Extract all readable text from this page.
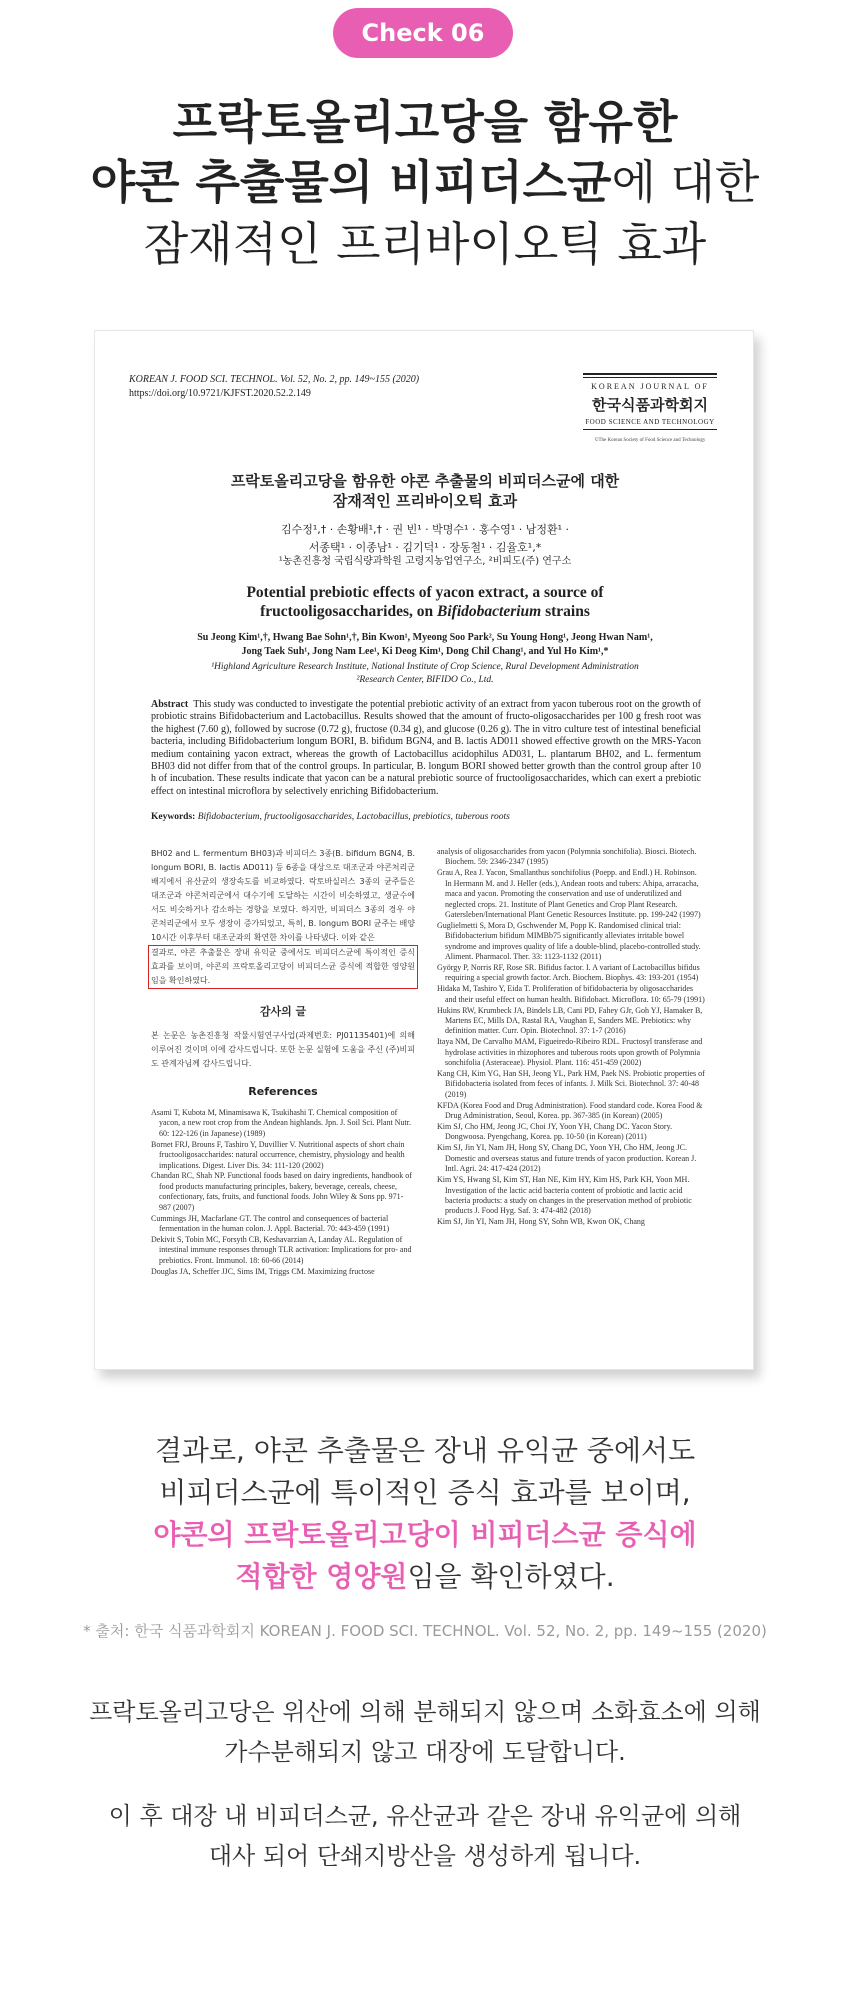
Check 06
프락토올리고당을 함유한
야콘 추출물의 비피더스균에 대한
잠재적인 프리바이오틱 효과
KOREAN J. FOOD SCI. TECHNOL. Vol. 52, No. 2, pp. 149~155 (2020)
https://doi.org/10.9721/KJFST.2020.52.2.149
KOREAN JOURNAL OF
한국식품과학회지
FOOD SCIENCE AND TECHNOLOGY
©The Korean Society of Food Science and Technology
프락토올리고당을 함유한 야콘 추출물의 비피더스균에 대한
잠재적인 프리바이오틱 효과
김수정¹,† · 손황배¹,† · 권 빈¹ · 박명수¹ · 홍수영¹ · 남정환¹ ·
서종택¹ · 이종남¹ · 김기덕¹ · 장동철¹ · 김율호¹,*
¹농촌진흥청 국립식량과학원 고령지농업연구소, ²비피도(주) 연구소
Potential prebiotic effects of yacon extract, a source of
fructooligosaccharides, on Bifidobacterium strains
Su Jeong Kim¹,†, Hwang Bae Sohn¹,†, Bin Kwon¹, Myeong Soo Park², Su Young Hong¹, Jeong Hwan Nam¹,
Jong Taek Suh¹, Jong Nam Lee¹, Ki Deog Kim¹, Dong Chil Chang¹, and Yul Ho Kim¹,*
¹Highland Agriculture Research Institute, National Institute of Crop Science, Rural Development Administration
²Research Center, BIFIDO Co., Ltd.
Abstract This study was conducted to investigate the potential prebiotic activity of an extract from yacon tuberous root on the growth of probiotic strains Bifidobacterium and Lactobacillus. Results showed that the amount of fructo-oligosaccharides per 100 g fresh root was the highest (7.60 g), followed by sucrose (0.72 g), fructose (0.34 g), and glucose (0.26 g). The in vitro culture test of intestinal beneficial bacteria, including Bifidobacterium longum BORI, B. bifidum BGN4, and B. lactis AD011 showed effective growth on the MRS-Yacon medium containing yacon extract, whereas the growth of Lactobacillus acidophilus AD031, L. plantarum BH02, and L. fermentum BH03 did not differ from that of the control groups. In particular, B. longum BORI showed better growth than the control group after 10 h of incubation. These results indicate that yacon can be a natural prebiotic source of fructooligosaccharides, which can exert a prebiotic effect on intestinal microflora by selectively enriching Bifidobacterium.
Keywords: Bifidobacterium, fructooligosaccharides, Lactobacillus, prebiotics, tuberous roots
BH02 and L. fermentum BH03)과 비피더스 3종(B. bifidum BGN4, B. longum BORI, B. lactis AD011) 등 6종을 대상으로 대조군과 야콘처리군 배지에서 유산균의 생장속도를 비교하였다. 락토바실러스 3종의 균주들은 대조군과 야콘처리군에서 대수기에 도달하는 시간이 비슷하였고, 생균수에서도 비슷하거나 감소하는 경향을 보였다. 하지만, 비피더스 3종의 경우 야콘처리군에서 모두 생장이 증가되었고, 특히, B. longum BORI 균주는 배양 10시간 이후부터 대조군과의 확연한 차이를 나타냈다. 이와 같은
결과로, 야콘 추출물은 장내 유익균 중에서도 비피더스균에 특이적인 증식 효과를 보이며, 야콘의 프락토올리고당이 비피더스균 증식에 적합한 영양원임을 확인하였다.
감사의 글
본 논문은 농촌진흥청 작물시험연구사업(과제번호: PJ01135401)에 의해 이루어진 것이며 이에 감사드립니다. 또한 논문 실험에 도움을 주신 (주)비피도 관계자님께 감사드립니다.
References
Asami T, Kubota M, Minamisawa K, Tsukihashi T. Chemical composition of yacon, a new root crop from the Andean highlands. Jpn. J. Soil Sci. Plant Nutr. 60: 122-126 (in Japanese) (1989)
Bornet FRJ, Brouns F, Tashiro Y, Duvillier V. Nutritional aspects of short chain fructooligosaccharides: natural occurrence, chemistry, physiology and health implications. Digest. Liver Dis. 34: 111-120 (2002)
Chandan RC, Shah NP. Functional foods based on dairy ingredients, handbook of food products manufacturing principles, bakery, beverage, cereals, cheese, confectionary, fats, fruits, and functional foods. John Wiley & Sons pp. 971-987 (2007)
Cummings JH, Macfarlane GT. The control and consequences of bacterial fermentation in the human colon. J. Appl. Bacterial. 70: 443-459 (1991)
Dekivit S, Tobin MC, Forsyth CB, Keshavarzian A, Landay AL. Regulation of intestinal immune responses through TLR activation: Implications for pro- and prebiotics. Front. Immunol. 18: 60-66 (2014)
Douglas JA, Scheffer JJC, Sims IM, Triggs CM. Maximizing fructose
analysis of oligosaccharides from yacon (Polymnia sonchifolia). Biosci. Biotech. Biochem. 59: 2346-2347 (1995)
Grau A, Rea J. Yacon, Smallanthus sonchifolius (Poepp. and Endl.) H. Robinson. In Hermann M. and J. Heller (eds.), Andean roots and tubers: Ahipa, arracacha, maca and yacon. Promoting the conservation and use of underutilized and neglected crops. 21. Institute of Plant Genetics and Crop Plant Research. Gatersleben/International Plant Genetic Resources Institute. pp. 199-242 (1997)
Guglielmetti S, Mora D, Gschwender M, Popp K. Randomised clinical trial: Bifidobacterium bifidum MIMBb75 significantly alleviates irritable bowel syndrome and improves quality of life a double-blind, placebo-controlled study. Aliment. Pharmacol. Ther. 33: 1123-1132 (2011)
György P, Norris RF, Rose SR. Bifidus factor. I. A variant of Lactobacillus bifidus requiring a special growth factor. Arch. Biochem. Biophys. 43: 193-201 (1954)
Hidaka M, Tashiro Y, Eida T. Proliferation of bifidobacteria by oligosaccharides and their useful effect on human health. Bifidobact. Microflora. 10: 65-79 (1991)
Hukins RW, Krumbeck JA, Bindels LB, Cani PD, Fahey GJr, Goh YJ, Hamaker B, Martens EC, Mills DA, Rastal RA, Vaughan E, Sanders ME. Prebiotics: why definition matter. Curr. Opin. Biotechnol. 37: 1-7 (2016)
Itaya NM, De Carvalho MAM, Figueiredo-Ribeiro RDL. Fructosyl transferase and hydrolase activities in rhizophores and tuberous roots upon growth of Polymnia sonchifolia (Asteraceae). Physiol. Plant. 116: 451-459 (2002)
Kang CH, Kim YG, Han SH, Jeong YL, Park HM, Paek NS. Probiotic properties of Bifidobacteria isolated from feces of infants. J. Milk Sci. Biotechnol. 37: 40-48 (2019)
KFDA (Korea Food and Drug Administration). Food standard code. Korea Food & Drug Administration, Seoul, Korea. pp. 367-385 (in Korean) (2005)
Kim SJ, Cho HM, Jeong JC, Choi JY, Yoon YH, Chang DC. Yacon Story. Dongwoosa. Pyengchang, Korea. pp. 10-50 (in Korean) (2011)
Kim SJ, Jin YI, Nam JH, Hong SY, Chang DC, Yoon YH, Cho HM, Jeong JC. Domestic and overseas status and future trends of yacon production. Korean J. Intl. Agri. 24: 417-424 (2012)
Kim YS, Hwang SI, Kim ST, Han NE, Kim HY, Kim HS, Park KH, Yoon MH. Investigation of the lactic acid bacteria content of probiotic and lactic acid bacteria products: a study on changes in the preservation method of probiotic products J. Food Hyg. Saf. 3: 474-482 (2018)
Kim SJ, Jin YI, Nam JH, Hong SY, Sohn WB, Kwon OK, Chang
결과로, 야콘 추출물은 장내 유익균 중에서도
비피더스균에 특이적인 증식 효과를 보이며,
야콘의 프락토올리고당이 비피더스균 증식에
적합한 영양원임을 확인하였다.
* 출처: 한국 식품과학회지 KOREAN J. FOOD SCI. TECHNOL. Vol. 52, No. 2, pp. 149~155 (2020)
프락토올리고당은 위산에 의해 분해되지 않으며 소화효소에 의해
가수분해되지 않고 대장에 도달합니다.
이 후 대장 내 비피더스균, 유산균과 같은 장내 유익균에 의해
대사 되어 단쇄지방산을 생성하게 됩니다.
